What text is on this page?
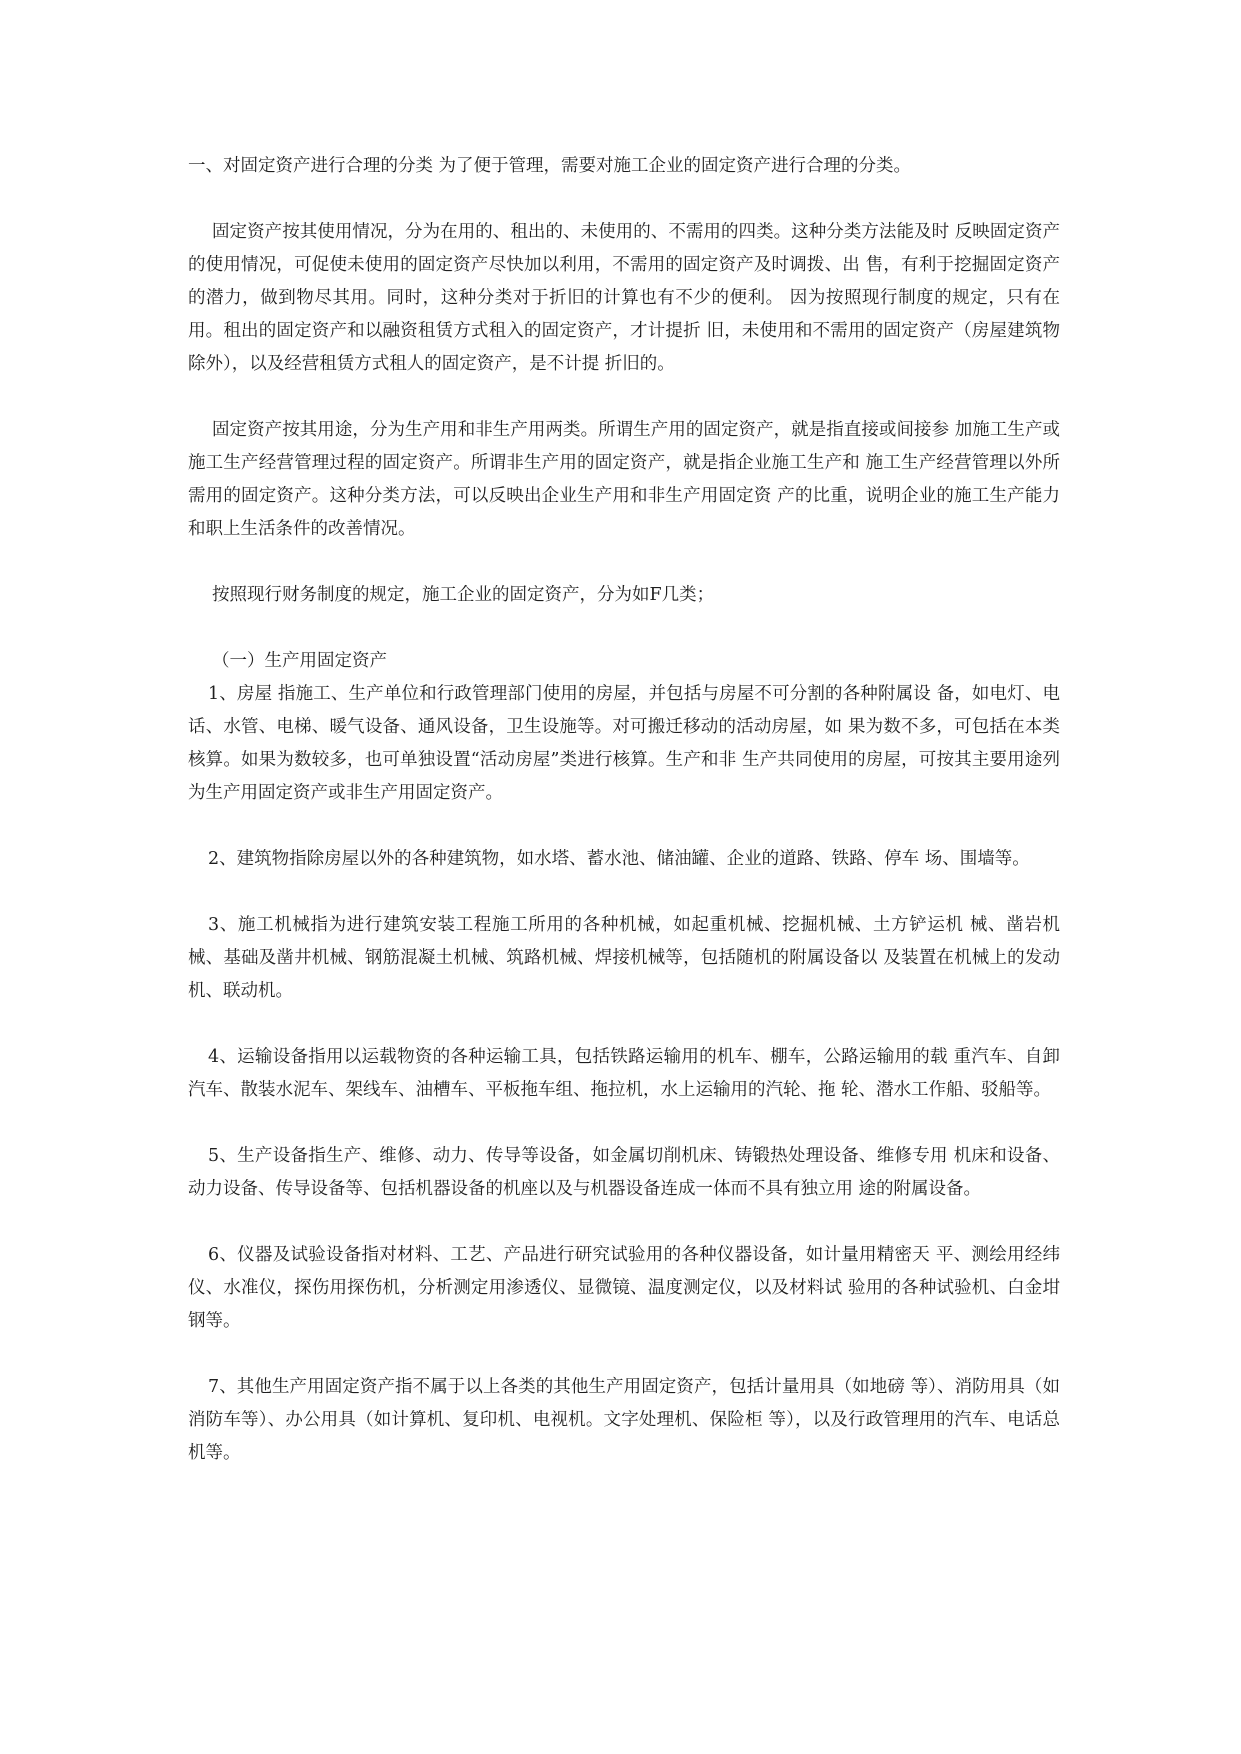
一、对固定资产进行合理的分类 为了便于管理，需要对施工企业的固定资产进行合理的分类。

固定资产按其使用情况，分为在用的、租出的、未使用的、不需用的四类。这种分类方法能及时 反映固定资产的使用情况，可促使未使用的固定资产尽快加以利用，不需用的固定资产及时调拨、出 售，有利于挖掘固定资产的潜力，做到物尽其用。同时，这种分类对于折旧的计算也有不少的便利。 因为按照现行制度的规定，只有在用。租出的固定资产和以融资租赁方式租入的固定资产，才计提折 旧，未使用和不需用的固定资产（房屋建筑物除外），以及经营租赁方式租人的固定资产，是不计提 折旧的。

固定资产按其用途，分为生产用和非生产用两类。所谓生产用的固定资产，就是指直接或间接参 加施工生产或施工生产经营管理过程的固定资产。所谓非生产用的固定资产，就是指企业施工生产和 施工生产经营管理以外所需用的固定资产。这种分类方法，可以反映出企业生产用和非生产用固定资 产的比重，说明企业的施工生产能力和职上生活条件的改善情况。

按照现行财务制度的规定，施工企业的固定资产，分为如F几类；

（一）生产用固定资产

1、房屋 指施工、生产单位和行政管理部门使用的房屋，并包括与房屋不可分割的各种附属设 备，如电灯、电话、水管、电梯、暖气设备、通风设备，卫生设施等。对可搬迁移动的活动房屋，如 果为数不多，可包括在本类核算。如果为数较多，也可单独设置“活动房屋”类进行核算。生产和非 生产共同使用的房屋，可按其主要用途列为生产用固定资产或非生产用固定资产。

2、建筑物指除房屋以外的各种建筑物，如水塔、蓄水池、储油罐、企业的道路、铁路、停车 场、围墙等。

3、施工机械指为进行建筑安装工程施工所用的各种机械，如起重机械、挖掘机械、土方铲运机 械、凿岩机械、基础及凿井机械、钢筋混凝土机械、筑路机械、焊接机械等，包括随机的附属设备以 及装置在机械上的发动机、联动机。

4、运输设备指用以运载物资的各种运输工具，包括铁路运输用的机车、棚车，公路运输用的载 重汽车、自卸汽车、散装水泥车、架线车、油槽车、平板拖车组、拖拉机，水上运输用的汽轮、拖 轮、潜水工作船、驳船等。

5、生产设备指生产、维修、动力、传导等设备，如金属切削机床、铸锻热处理设备、维修专用 机床和设备、动力设备、传导设备等、包括机器设备的机座以及与机器设备连成一体而不具有独立用 途的附属设备。

6、仪器及试验设备指对材料、工艺、产品进行研究试验用的各种仪器设备，如计量用精密天 平、测绘用经纬仪、水准仪，探伤用探伤机，分析测定用渗透仪、显微镜、温度测定仪，以及材料试 验用的各种试验机、白金坩钢等。

7、其他生产用固定资产指不属于以上各类的其他生产用固定资产，包括计量用具（如地磅 等）、消防用具（如消防车等）、办公用具（如计算机、复印机、电视机。文字处理机、保险柜 等），以及行政管理用的汽车、电话总机等。
